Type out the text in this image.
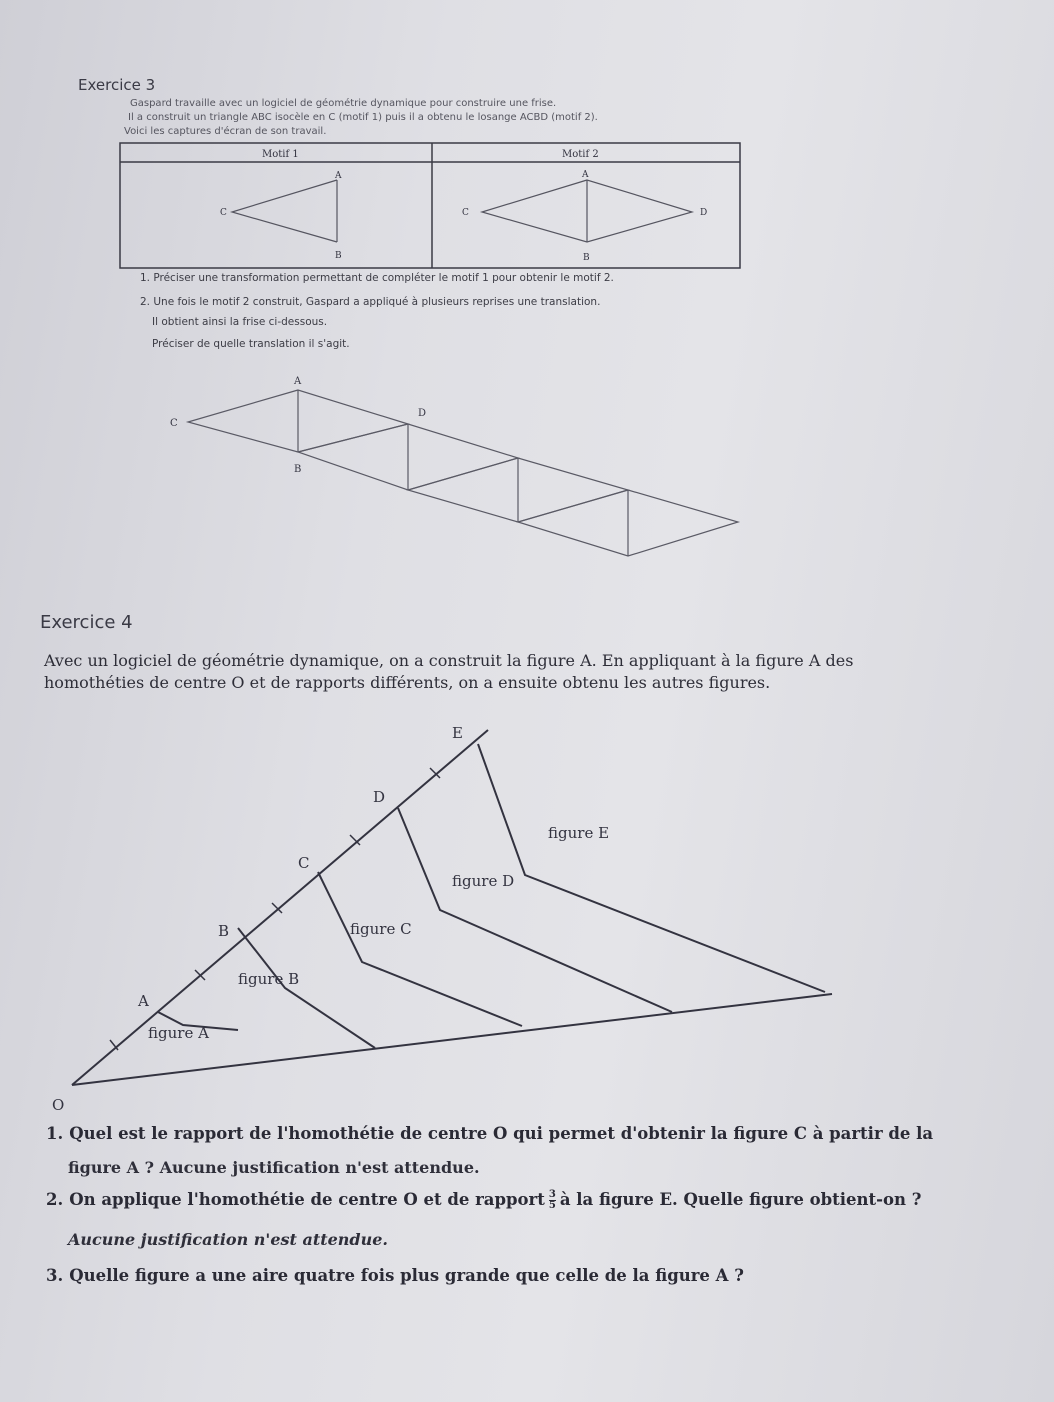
Exercice 3
Gaspard travaille avec un logiciel de géométrie dynamique pour construire une frise.
Il a construit un triangle ABC isocèle en C (motif 1) puis il a obtenu le losange ACBD (motif 2).
Voici les captures d'écran de son travail.
Motif 1	Motif 2
A
C
B
A
C	D
B
A
C
D
B
1. Préciser une transformation permettant de compléter le motif 1 pour obtenir le motif 2.
2. Une fois le motif 2 construit, Gaspard a appliqué à plusieurs reprises une translation.
Il obtient ainsi la frise ci-dessous.
Préciser de quelle translation il s'agit.
Exercice 4
Avec un logiciel de géométrie dynamique, on a construit la figure A. En appliquant à la figure A des homothéties de centre O et de rapports différents, on a ensuite obtenu les autres figures.
O
A
B
C
D
E
figure A
figure B
figure C
figure D
figure E
1. Quel est le rapport de l'homothétie de centre O qui permet d'obtenir la figure C à partir de la
figure A ? Aucune justification n'est attendue.
2. On applique l'homothétie de centre O et de rapport $\frac{3}{5}$ à la figure E. Quelle figure obtient-on ?
Aucune justification n'est attendue.
3. Quelle figure a une aire quatre fois plus grande que celle de la figure A ?
